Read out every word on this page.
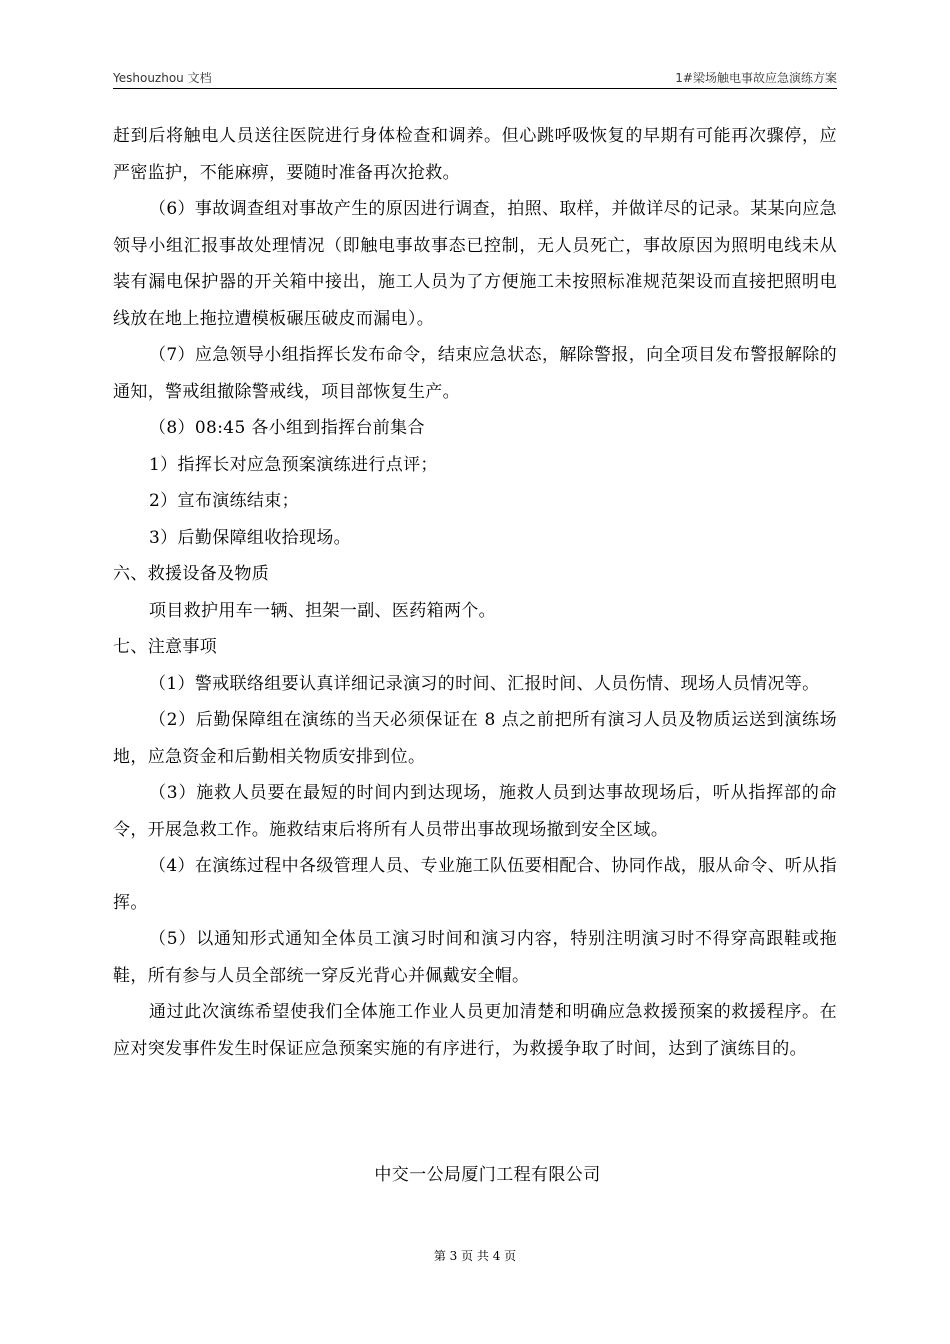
Yeshouzhou 文档	1#梁场触电事故应急演练方案

赶到后将触电人员送往医院进行身体检查和调养。但心跳呼吸恢复的早期有可能再次骤停，应严密监护，不能麻痹，要随时准备再次抢救。

（6）事故调查组对事故产生的原因进行调查，拍照、取样，并做详尽的记录。某某向应急领导小组汇报事故处理情况（即触电事故事态已控制，无人员死亡，事故原因为照明电线未从装有漏电保护器的开关箱中接出，施工人员为了方便施工未按照标准规范架设而直接把照明电线放在地上拖拉遭模板碾压破皮而漏电）。

（7）应急领导小组指挥长发布命令，结束应急状态，解除警报，向全项目发布警报解除的通知，警戒组撤除警戒线，项目部恢复生产。

（8）08:45 各小组到指挥台前集合

1）指挥长对应急预案演练进行点评；

2）宣布演练结束；

3）后勤保障组收拾现场。

六、救援设备及物质

项目救护用车一辆、担架一副、医药箱两个。

七、注意事项

（1）警戒联络组要认真详细记录演习的时间、汇报时间、人员伤情、现场人员情况等。

（2）后勤保障组在演练的当天必须保证在 8 点之前把所有演习人员及物质运送到演练场地，应急资金和后勤相关物质安排到位。

（3）施救人员要在最短的时间内到达现场，施救人员到达事故现场后，听从指挥部的命令，开展急救工作。施救结束后将所有人员带出事故现场撤到安全区域。

（4）在演练过程中各级管理人员、专业施工队伍要相配合、协同作战，服从命令、听从指挥。

（5）以通知形式通知全体员工演习时间和演习内容，特别注明演习时不得穿高跟鞋或拖鞋，所有参与人员全部统一穿反光背心并佩戴安全帽。

通过此次演练希望使我们全体施工作业人员更加清楚和明确应急救援预案的救援程序。在应对突发事件发生时保证应急预案实施的有序进行，为救援争取了时间，达到了演练目的。

中交一公局厦门工程有限公司
第 3 页 共 4 页
